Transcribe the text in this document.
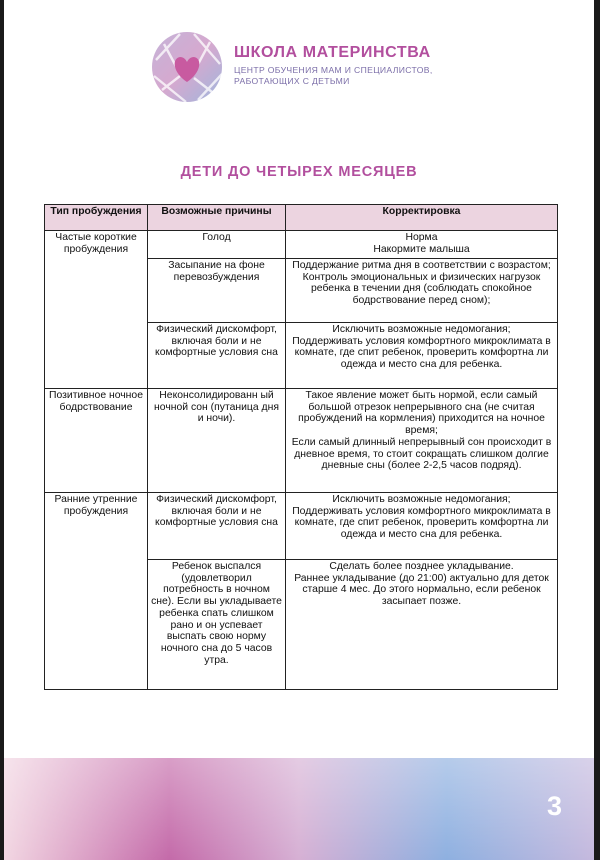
ШКОЛА МАТЕРИНСТВА
ЦЕНТР ОБУЧЕНИЯ МАМ И СПЕЦИАЛИСТОВ,
РАБОТАЮЩИХ С ДЕТЬМИ
ДЕТИ ДО ЧЕТЫРЕХ МЕСЯЦЕВ
Тип пробуждения	Возможные причины	Корректировка
Частые короткие пробуждения	Голод	Норма
Накормите малыша
	Засыпание на фоне перевозбуждения	Поддержание ритма дня в соответствии с возрастом;
Контроль эмоциональных и физических нагрузок ребенка в течении дня (соблюдать спокойное бодрствование перед сном);
	Физический дискомфорт, включая боли и не комфортные условия сна	Исключить возможные недомогания;
Поддерживать условия комфортного микроклимата в комнате, где спит ребенок, проверить комфортна ли одежда и место сна для ребенка.
Позитивное ночное бодрствование	Неконсолидированн ый ночной сон (путаница дня и ночи).	Такое явление может быть нормой, если самый большой отрезок непрерывного сна (не считая пробуждений на кормления) приходится на ночное время;
Если самый длинный непрерывный сон происходит в дневное время, то стоит сокращать слишком долгие дневные сны (более 2-2,5 часов подряд).
Ранние утренние пробуждения	Физический дискомфорт, включая боли и не комфортные условия сна	Исключить возможные недомогания;
Поддерживать условия комфортного микроклимата в комнате, где спит ребенок, проверить комфортна ли одежда и место сна для ребенка.
	Ребенок выспался (удовлетворил потребность в ночном сне). Если вы укладываете ребенка спать слишком рано и он успевает выспать свою норму ночного сна до 5 часов утра.	Сделать более позднее укладывание.
Раннее укладывание (до 21:00) актуально для деток старше 4 мес. До этого нормально, если ребенок засыпает позже.
3
